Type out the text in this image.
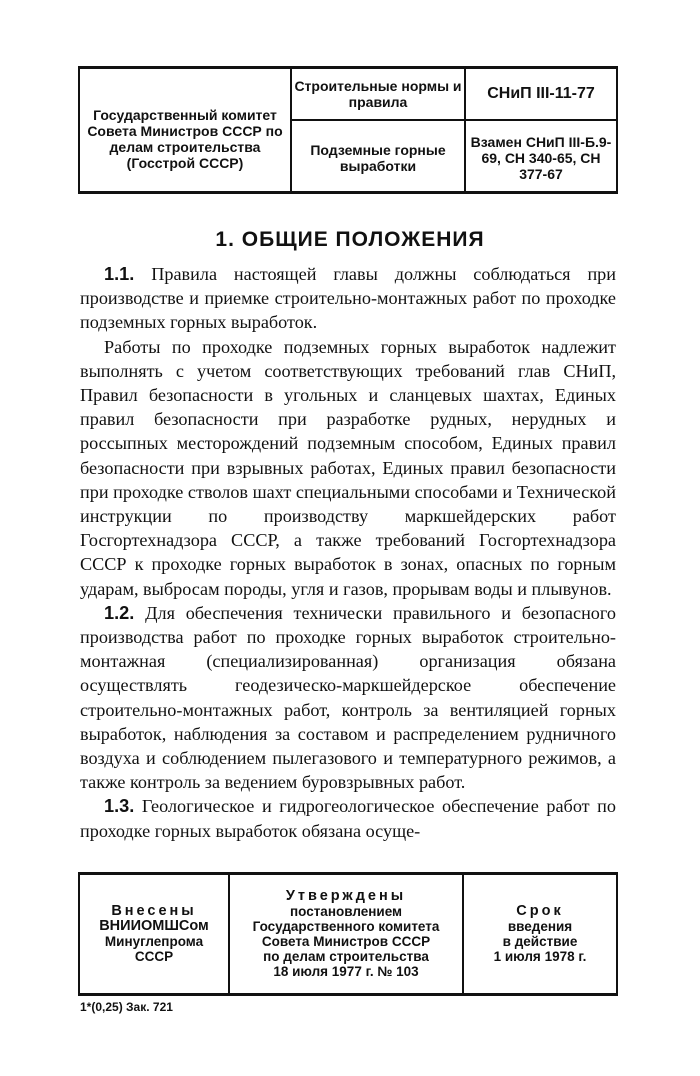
Государственный комитет Совета Министров СССР по делам строительства (Госстрой СССР)
Строительные нормы и правила
Подземные горные выработки
СНиП III-11-77
Взамен СНиП III-Б.9-69, СН 340-65, СН 377-67
1. ОБЩИЕ ПОЛОЖЕНИЯ

1.1. Правила настоящей главы должны соблюдаться при производстве и приемке строительно-монтажных работ по проходке подземных горных выработок.

Работы по проходке подземных горных выработок надлежит выполнять с учетом соответствующих требований глав СНиП, Правил безопасности в угольных и сланцевых шахтах, Единых правил безопасности при разработке рудных, нерудных и россыпных месторождений подземным способом, Единых правил безопасности при взрывных работах, Единых правил безопасности при проходке стволов шахт специальными способами и Технической инструкции по производству маркшейдерских работ Госгортехнадзора СССР, а также требований Госгортехнадзора СССР к проходке горных выработок в зонах, опасных по горным ударам, выбросам породы, угля и газов, прорывам воды и плывунов.

1.2. Для обеспечения технически правильного и безопасного производства работ по проходке горных выработок строительно-монтажная (специализированная) организация обязана осуществлять геодезическо-маркшейдерское обеспечение строительно-монтажных работ, контроль за вентиляцией горных выработок, наблюдения за составом и распределением рудничного воздуха и соблюдением пылегазового и температурного режимов, а также контроль за ведением буровзрывных работ.

1.3. Геологическое и гидрогеологическое обеспечение работ по проходке горных выработок обязана осуще-

Внесены
ВНИИОМШСом
Минуглепрома
СССР
Утверждены
постановлением
Государственного комитета
Совета Министров СССР
по делам строительства
18 июля 1977 г. № 103
Срок
введения
в действие
1 июля 1978 г.
1*(0,25) Зак. 721
